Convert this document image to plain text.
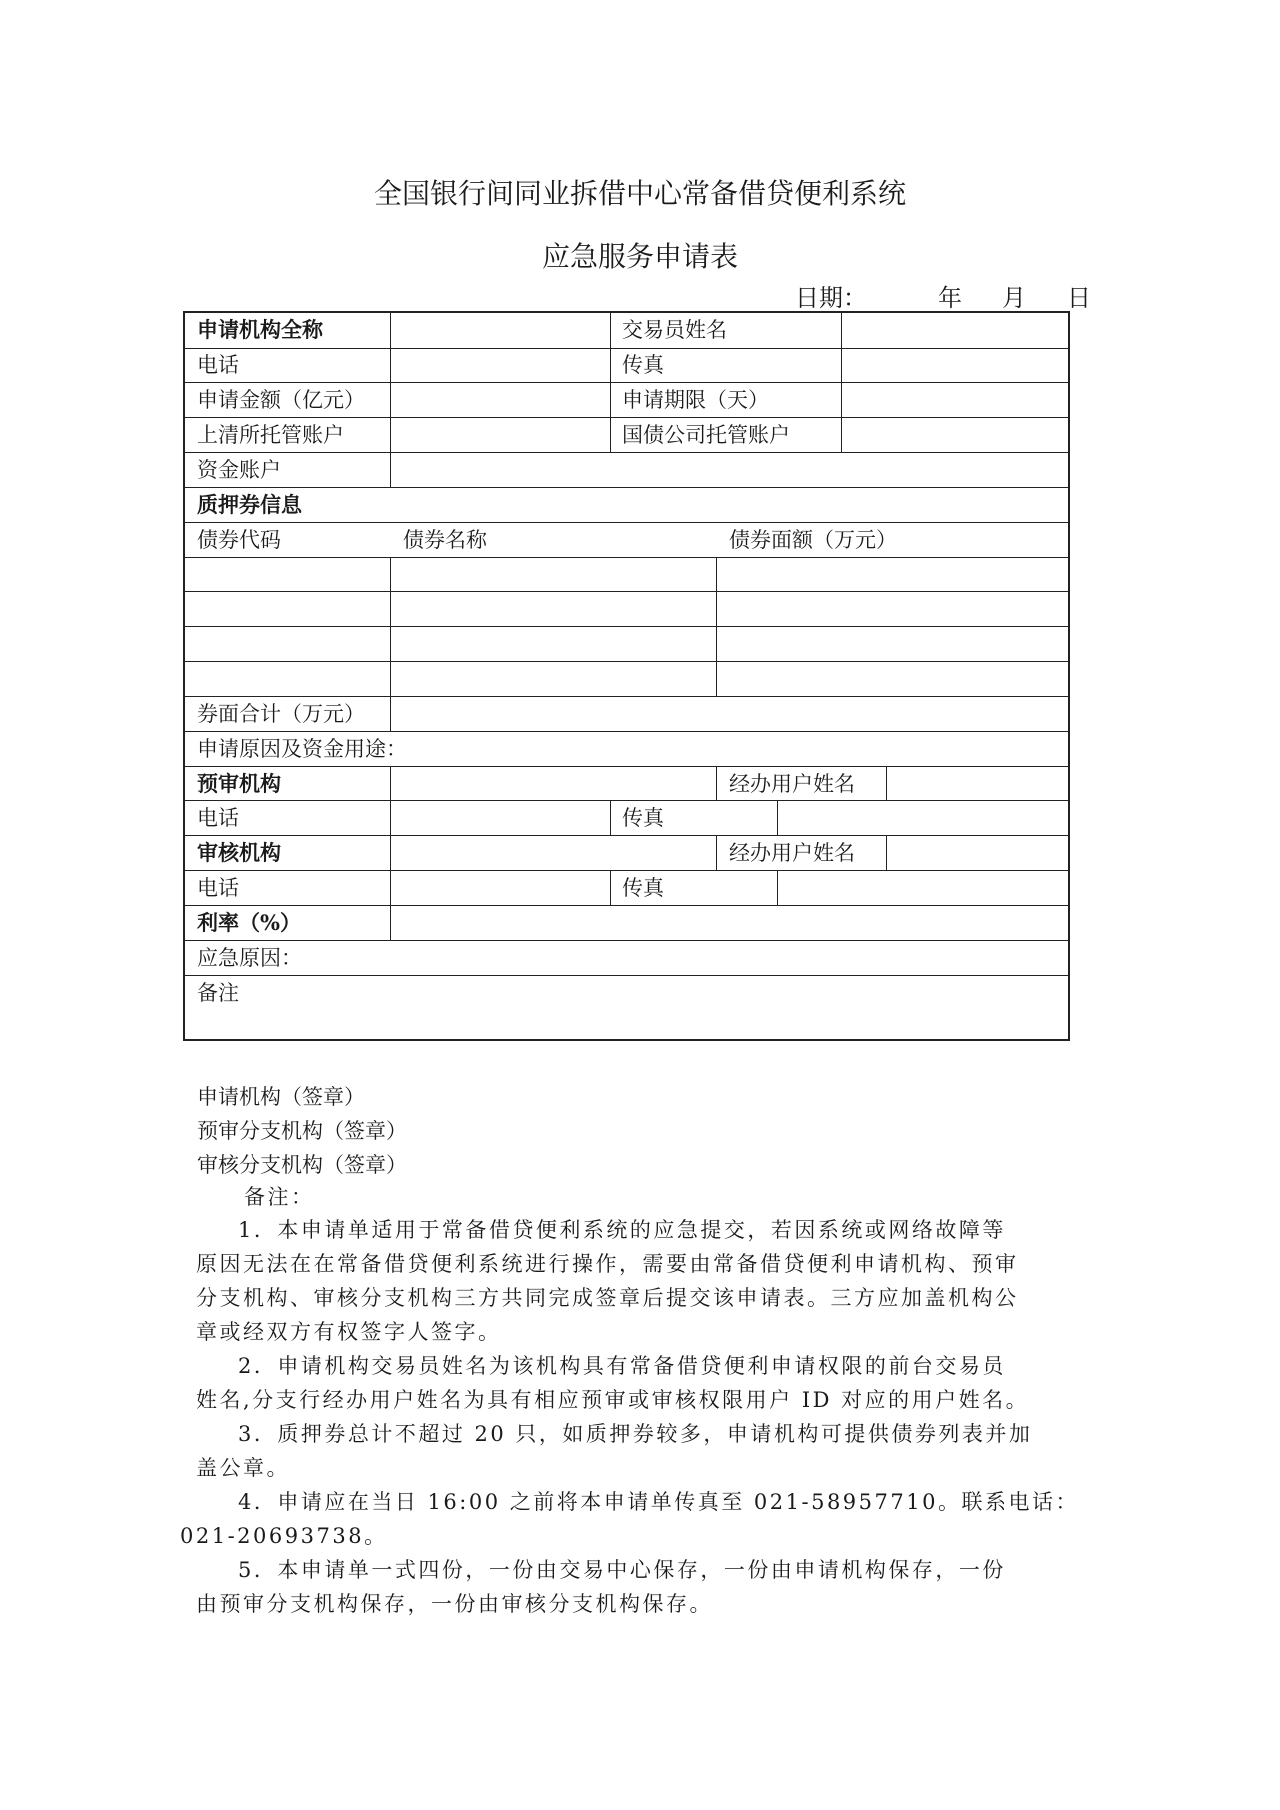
全国银行间同业拆借中心常备借贷便利系统
应急服务申请表
日期：	年 月 日
申请机构全称	交易员姓名
电话	传真
申请金额（亿元）	申请期限（天）
上清所托管账户	国债公司托管账户
资金账户
质押券信息
债券代码	债券名称	债券面额（万元）
券面合计（万元）
申请原因及资金用途：
预审机构	经办用户姓名
电话	传真
审核机构	经办用户姓名
电话	传真
利率（%）
应急原因：
备注
申请机构（签章）
预审分支机构（签章）
审核分支机构（签章）
备注：
1．本申请单适用于常备借贷便利系统的应急提交，若因系统或网络故障等
原因无法在在常备借贷便利系统进行操作，需要由常备借贷便利申请机构、预审
分支机构、审核分支机构三方共同完成签章后提交该申请表。三方应加盖机构公
章或经双方有权签字人签字。
2．申请机构交易员姓名为该机构具有常备借贷便利申请权限的前台交易员
姓名,分支行经办用户姓名为具有相应预审或审核权限用户 ID 对应的用户姓名。
3．质押券总计不超过 20 只，如质押券较多，申请机构可提供债券列表并加
盖公章。
4．申请应在当日 16:00 之前将本申请单传真至 021-58957710。联系电话：
021-20693738。
5．本申请单一式四份，一份由交易中心保存，一份由申请机构保存，一份
由预审分支机构保存，一份由审核分支机构保存。
